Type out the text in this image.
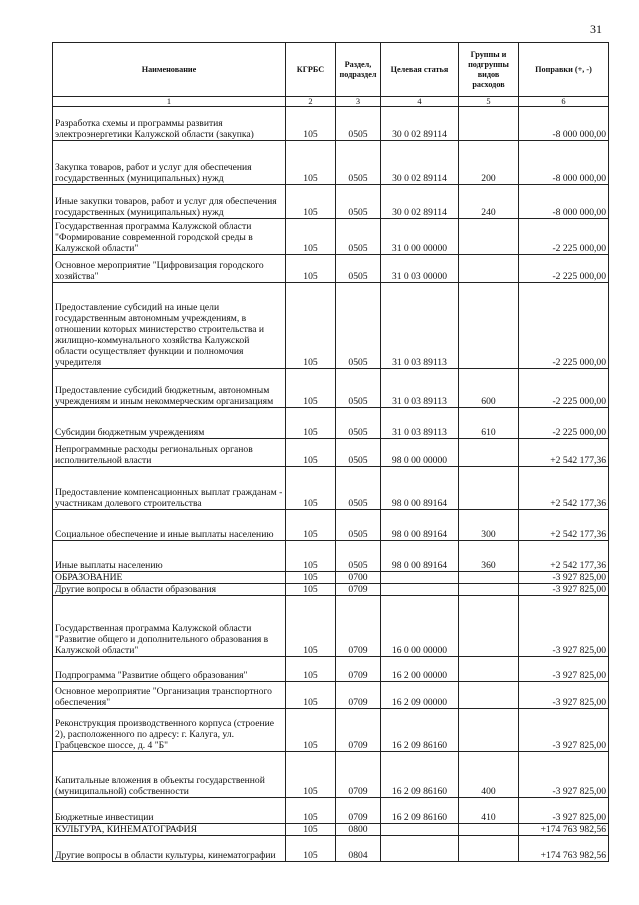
31
Наименование	КГРБС	Раздел, подраздел	Целевая статья	Группы и подгруппы видов расходов	Поправки (+, -)
1	2	3	4	5	6
Разработка схемы и программы развития электроэнергетики Калужской области (закупка)	105	0505	30 0 02 89114		-8 000 000,00
Закупка товаров, работ и услуг для обеспечения государственных (муниципальных) нужд	105	0505	30 0 02 89114	200	-8 000 000,00
Иные закупки товаров, работ и услуг для обеспечения государственных (муниципальных) нужд	105	0505	30 0 02 89114	240	-8 000 000,00
Государственная программа Калужской области "Формирование современной городской среды в Калужской области"	105	0505	31 0 00 00000		-2 225 000,00
Основное мероприятие "Цифровизация городского хозяйства"	105	0505	31 0 03 00000		-2 225 000,00
Предоставление субсидий на иные цели государственным автономным учреждениям, в отношении которых министерство строительства и жилищно-коммунального хозяйства Калужской области осуществляет функции и полномочия учредителя	105	0505	31 0 03 89113		-2 225 000,00
Предоставление субсидий бюджетным, автономным учреждениям и иным некоммерческим организациям	105	0505	31 0 03 89113	600	-2 225 000,00
Субсидии бюджетным учреждениям	105	0505	31 0 03 89113	610	-2 225 000,00
Непрограммные расходы региональных органов исполнительной власти	105	0505	98 0 00 00000		+2 542 177,36
Предоставление компенсационных выплат гражданам - участникам долевого строительства	105	0505	98 0 00 89164		+2 542 177,36
Социальное обеспечение и иные выплаты населению	105	0505	98 0 00 89164	300	+2 542 177,36
Иные выплаты населению	105	0505	98 0 00 89164	360	+2 542 177,36
ОБРАЗОВАНИЕ	105	0700			-3 927 825,00
Другие вопросы в области образования	105	0709			-3 927 825,00
Государственная программа Калужской области "Развитие общего и дополнительного образования в Калужской области"	105	0709	16 0 00 00000		-3 927 825,00
Подпрограмма "Развитие общего образования"	105	0709	16 2 00 00000		-3 927 825,00
Основное мероприятие "Организация транспортного обеспечения"	105	0709	16 2 09 00000		-3 927 825,00
Реконструкция производственного корпуса (строение 2), расположенного по адресу: г. Калуга, ул. Грабцевское шоссе, д. 4 "Б"	105	0709	16 2 09 86160		-3 927 825,00
Капитальные вложения в объекты государственной (муниципальной) собственности	105	0709	16 2 09 86160	400	-3 927 825,00
Бюджетные инвестиции	105	0709	16 2 09 86160	410	-3 927 825,00
КУЛЬТУРА, КИНЕМАТОГРАФИЯ	105	0800			+174 763 982,56
Другие вопросы в области культуры, кинематографии	105	0804			+174 763 982,56
